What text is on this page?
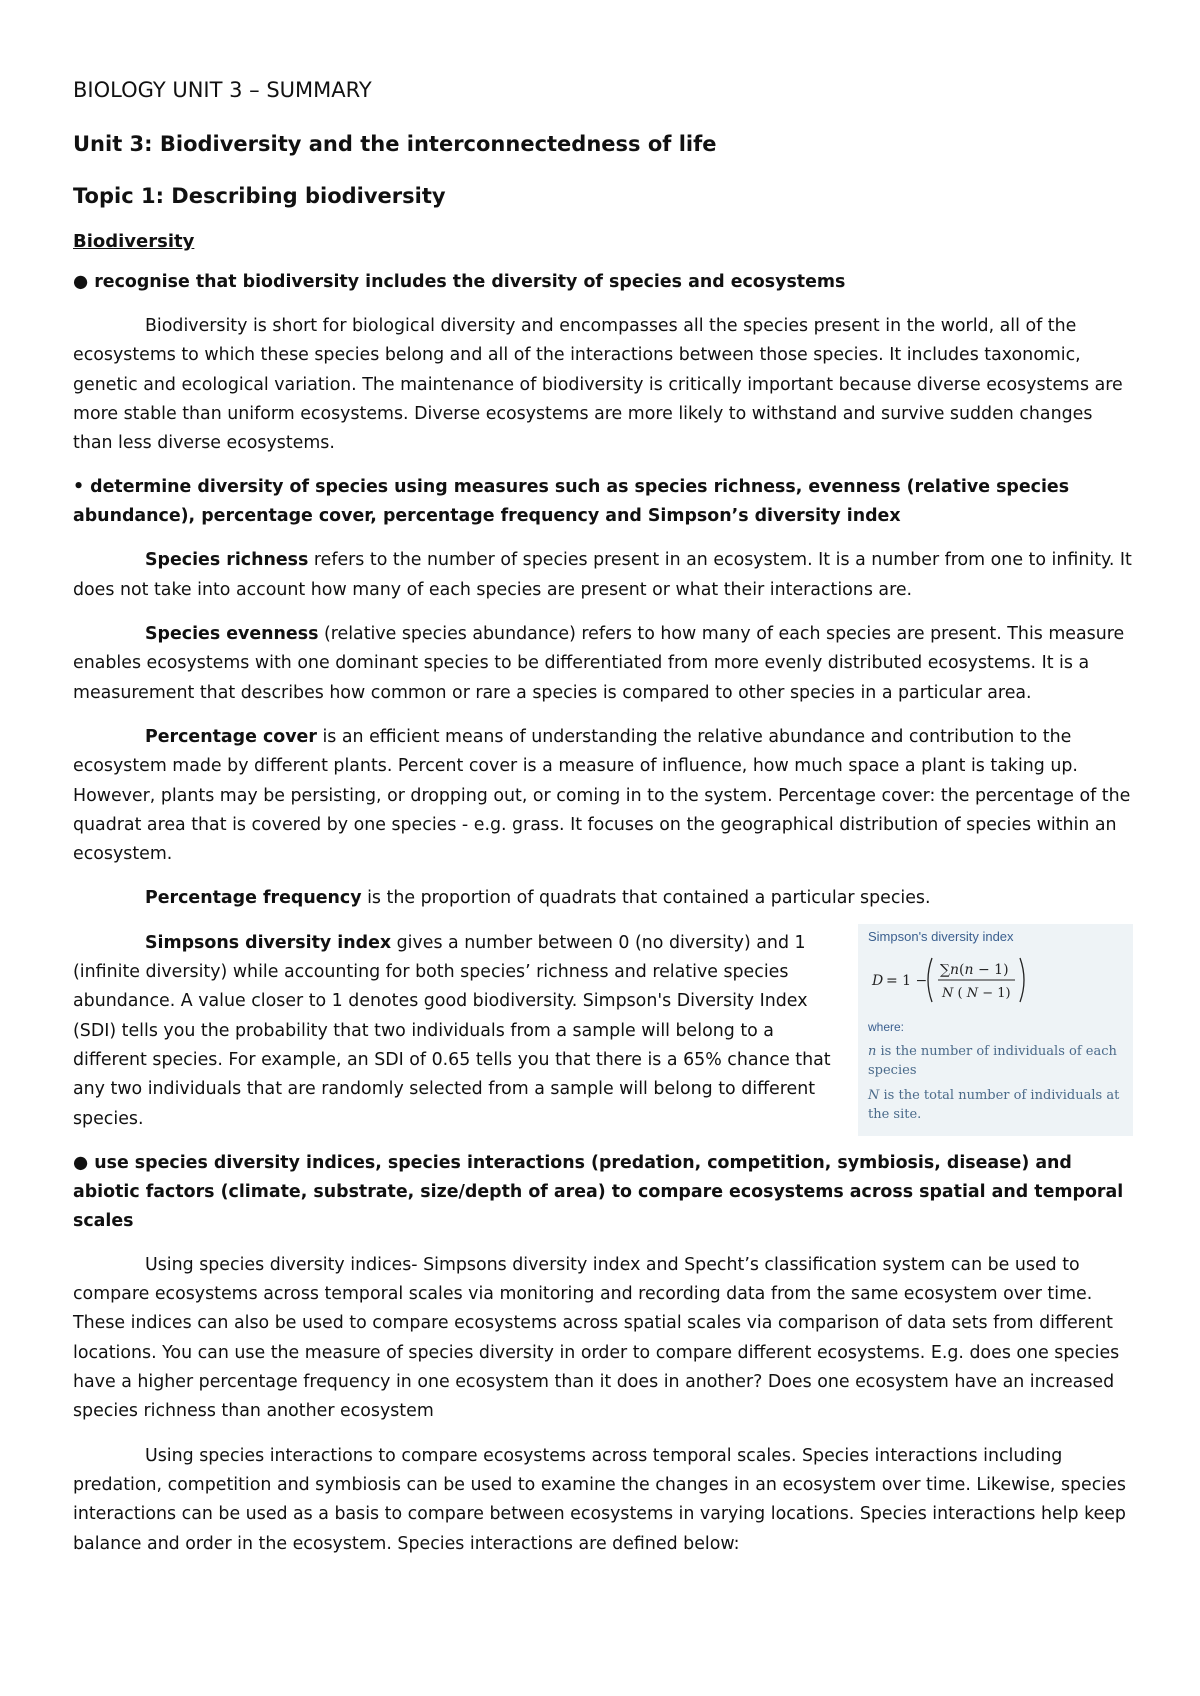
BIOLOGY UNIT 3 – SUMMARY
Unit 3: Biodiversity and the interconnectedness of life
Topic 1: Describing biodiversity
Biodiversity
● recognise that biodiversity includes the diversity of species and ecosystems

Biodiversity is short for biological diversity and encompasses all the species present in the world, all of the ecosystems to which these species belong and all of the interactions between those species. It includes taxonomic, genetic and ecological variation. The maintenance of biodiversity is critically important because diverse ecosystems are more stable than uniform ecosystems. Diverse ecosystems are more likely to withstand and survive sudden changes than less diverse ecosystems.

• determine diversity of species using measures such as species richness, evenness (relative species abundance), percentage cover, percentage frequency and Simpson’s diversity index

Species richness refers to the number of species present in an ecosystem. It is a number from one to infinity. It does not take into account how many of each species are present or what their interactions are.

Species evenness (relative species abundance) refers to how many of each species are present. This measure enables ecosystems with one dominant species to be differentiated from more evenly distributed ecosystems. It is a measurement that describes how common or rare a species is compared to other species in a particular area.

Percentage cover is an efficient means of understanding the relative abundance and contribution to the ecosystem made by different plants. Percent cover is a measure of influence, how much space a plant is taking up. However, plants may be persisting, or dropping out, or coming in to the system. Percentage cover: the percentage of the quadrat area that is covered by one species - e.g. grass. It focuses on the geographical distribution of species within an ecosystem.

Percentage frequency is the proportion of quadrats that contained a particular species.

Simpsons diversity index gives a number between 0 (no diversity) and 1 (infinite diversity) while accounting for both species’ richness and relative species abundance. A value closer to 1 denotes good biodiversity. Simpson's Diversity Index (SDI) tells you the probability that two individuals from a sample will belong to a different species. For example, an SDI of 0.65 tells you that there is a 65% chance that any two individuals that are randomly selected from a sample will belong to different species.

Simpson's diversity index
D = 1 −
∑n(n − 1)
N ( N − 1)
where:
n is the number of individuals of each species
N is the total number of individuals at the site.
● use species diversity indices, species interactions (predation, competition, symbiosis, disease) and abiotic factors (climate, substrate, size/depth of area) to compare ecosystems across spatial and temporal scales

Using species diversity indices- Simpsons diversity index and Specht’s classification system can be used to compare ecosystems across temporal scales via monitoring and recording data from the same ecosystem over time. These indices can also be used to compare ecosystems across spatial scales via comparison of data sets from different locations. You can use the measure of species diversity in order to compare different ecosystems. E.g. does one species have a higher percentage frequency in one ecosystem than it does in another? Does one ecosystem have an increased species richness than another ecosystem

Using species interactions to compare ecosystems across temporal scales. Species interactions including predation, competition and symbiosis can be used to examine the changes in an ecosystem over time. Likewise, species interactions can be used as a basis to compare between ecosystems in varying locations. Species interactions help keep balance and order in the ecosystem. Species interactions are defined below:
